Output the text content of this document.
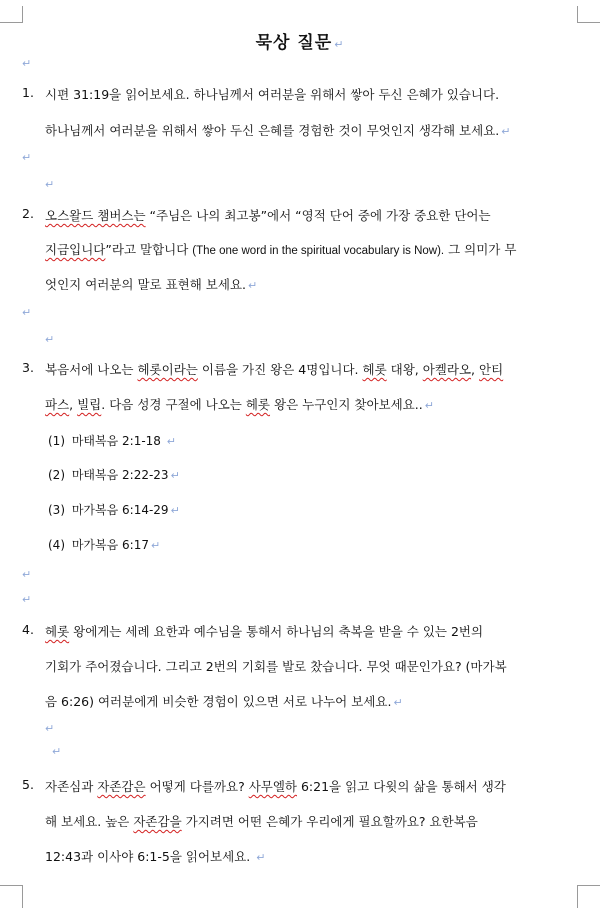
묵상 질문 ↵
↵
1. 시편 31:19을 읽어보세요. 하나님께서 여러분을 위해서 쌓아 두신 은혜가 있습니다.
하나님께서 여러분을 위해서 쌓아 두신 은혜를 경험한 것이 무엇인지 생각해 보세요. ↵
↵
↵
2. 오스왈드 챔버스는 “주님은 나의 최고봉”에서 “영적 단어 중에 가장 중요한 단어는
지금입니다”라고 말합니다 (The one word in the spiritual vocabulary is Now). 그 의미가 무
엇인지 여러분의 말로 표현해 보세요. ↵
↵
↵
3. 복음서에 나오는 헤롯이라는 이름을 가진 왕은 4명입니다. 헤롯 대왕, 아켈라오, 안티
파스, 빌립. 다음 성경 구절에 나오는 헤롯 왕은 누구인지 찾아보세요.. ↵
(1) 마태복음 2:1-18 ↵
(2) 마태복음 2:22-23 ↵
(3) 마가복음 6:14-29 ↵
(4) 마가복음 6:17 ↵
↵
↵
4. 헤롯 왕에게는 세례 요한과 예수님을 통해서 하나님의 축복을 받을 수 있는 2번의
기회가 주어졌습니다. 그리고 2번의 기회를 발로 찼습니다. 무엇 때문인가요? (마가복
음 6:26) 여러분에게 비슷한 경험이 있으면 서로 나누어 보세요. ↵
↵
↵
5. 자존심과 자존감은 어떻게 다를까요? 사무엘하 6:21을 읽고 다윗의 삶을 통해서 생각
해 보세요. 높은 자존감을 가지려면 어떤 은혜가 우리에게 필요할까요? 요한복음
12:43과 이사야 6:1-5을 읽어보세요. ↵
